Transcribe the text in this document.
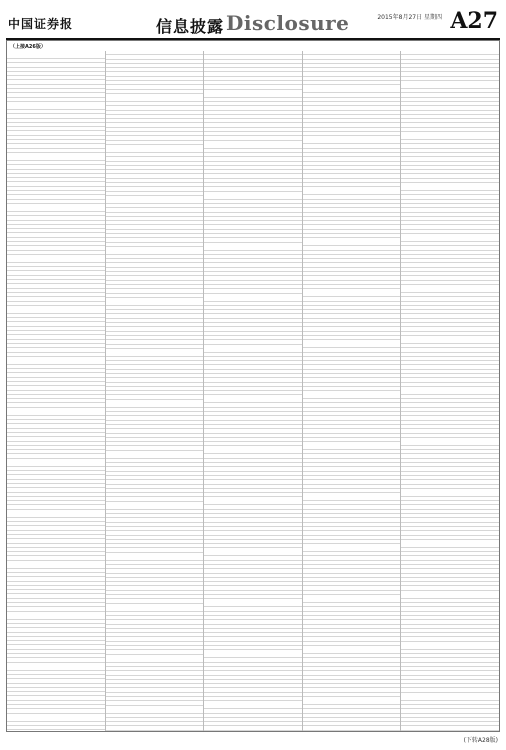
中国证券报	信息披露 Disclosure	2015年8月27日 星期四 A27
（上接A26版）
(下转A28版)
